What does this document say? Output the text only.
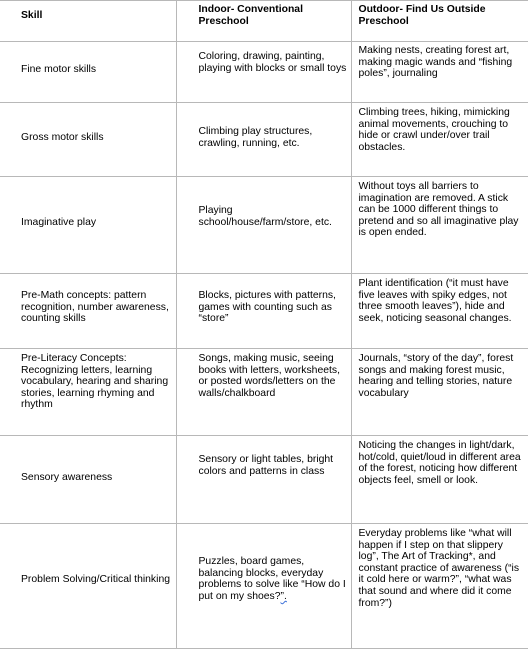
Skill	Indoor- Conventional Preschool	Outdoor- Find Us Outside Preschool

Fine motor skills	Coloring, drawing, painting, playing with blocks or small toys	Making nests, creating forest art, making magic wands and “fishing poles”, journaling

Gross motor skills	Climbing play structures, crawling, running, etc.	Climbing trees, hiking, mimicking animal movements, crouching to hide or crawl under/over trail obstacles.

Imaginative play	Playing school/house/farm/store, etc.	Without toys all barriers to imagination are removed. A stick can be 1000 different things to pretend and so all imaginative play is open ended.

Pre-Math concepts: pattern recognition, number awareness, counting skills	Blocks, pictures with patterns, games with counting such as “store”	Plant identification (“it must have five leaves with spiky edges, not three smooth leaves”), hide and seek, noticing seasonal changes.

Pre-Literacy Concepts: Recognizing letters, learning vocabulary, hearing and sharing stories, learning rhyming and rhythm	Songs, making music, seeing books with letters, worksheets, or posted words/letters on the walls/chalkboard	Journals, “story of the day”, forest songs and making forest music, hearing and telling stories, nature vocabulary

Sensory awareness	Sensory or light tables, bright colors and patterns in class	Noticing the changes in light/dark, hot/cold, quiet/loud in different area of the forest, noticing how different objects feel, smell or look.

Problem Solving/Critical thinking	Puzzles, board games, balancing blocks, everyday problems to solve like “How do I put on my shoes?”.	Everyday problems like “what will happen if I step on that slippery log”, The Art of Tracking*, and constant practice of awareness (“is it cold here or warm?”, “what was that sound and where did it come from?”)
